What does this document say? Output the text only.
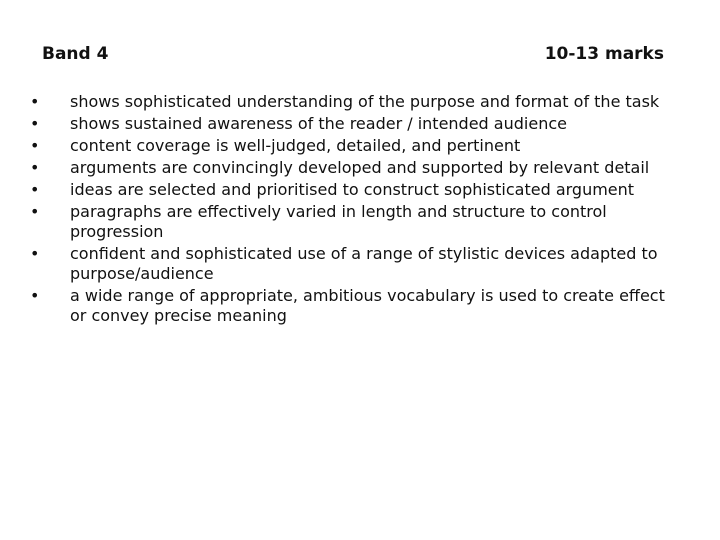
Band 4	10-13 marks
•	shows sophisticated understanding of the purpose and format of the task
•	shows sustained awareness of the reader / intended audience
•	content coverage is well-judged, detailed, and pertinent
•	arguments are convincingly developed and supported by relevant detail
•	ideas are selected and prioritised to construct sophisticated argument
•	paragraphs are effectively varied in length and structure to control progression
•	confident and sophisticated use of a range of stylistic devices adapted to purpose/audience
•	a wide range of appropriate, ambitious vocabulary is used to create effect or convey precise meaning
